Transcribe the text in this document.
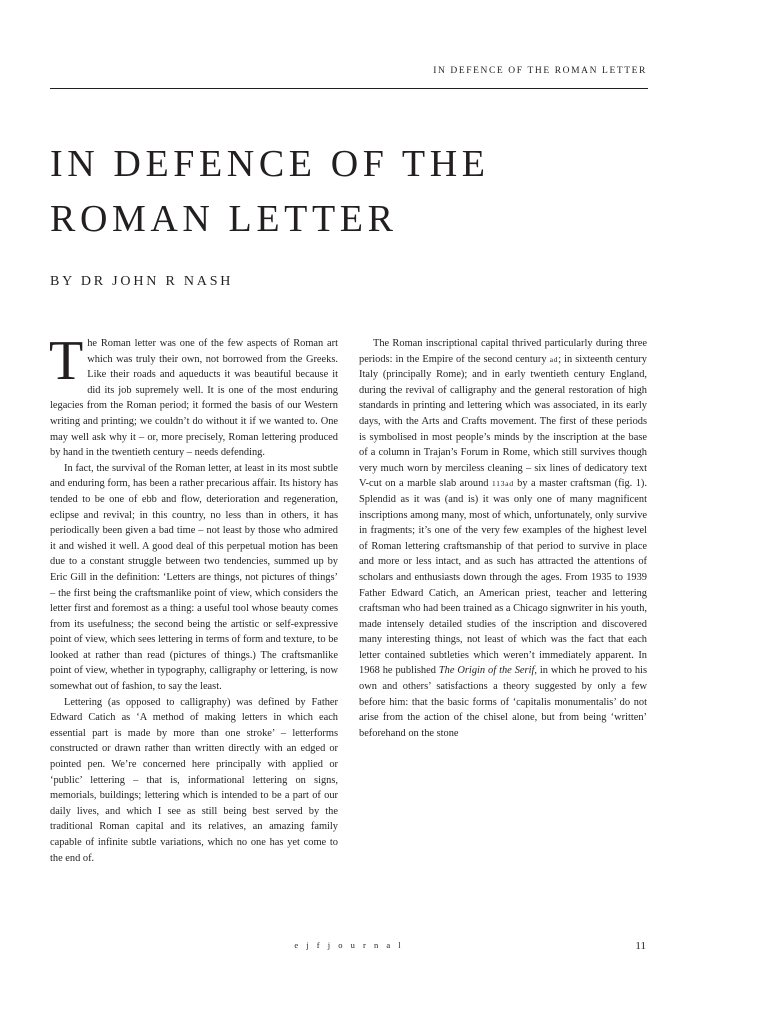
IN DEFENCE OF THE ROMAN LETTER
IN DEFENCE OF THE ROMAN LETTER
BY DR JOHN R NASH

The Roman letter was one of the few aspects of Roman art which was truly their own, not borrowed from the Greeks. Like their roads and aqueducts it was beautiful because it did its job supremely well. It is one of the most enduring legacies from the Roman period; it formed the basis of our Western writing and printing; we couldn’t do without it if we wanted to. One may well ask why it – or, more precisely, Roman lettering produced by hand in the twentieth century – needs defending.

In fact, the survival of the Roman letter, at least in its most subtle and enduring form, has been a rather precarious affair. Its history has tended to be one of ebb and flow, deterioration and regeneration, eclipse and revival; in this country, no less than in others, it has periodically been given a bad time – not least by those who admired it and wished it well. A good deal of this perpetual motion has been due to a constant struggle between two tendencies, summed up by Eric Gill in the definition: ‘Letters are things, not pictures of things’ – the first being the craftsmanlike point of view, which considers the letter first and foremost as a thing: a useful tool whose beauty comes from its usefulness; the second being the artistic or self-expressive point of view, which sees lettering in terms of form and texture, to be looked at rather than read (pictures of things.) The craftsmanlike point of view, whether in typography, calligraphy or lettering, is now somewhat out of fashion, to say the least.

Lettering (as opposed to calligraphy) was defined by Father Edward Catich as ‘A method of making letters in which each essential part is made by more than one stroke’ – letterforms constructed or drawn rather than written directly with an edged or pointed pen. We’re concerned here principally with applied or ‘public’ lettering – that is, informational lettering on signs, memorials, buildings; lettering which is intended to be a part of our daily lives, and which I see as still being best served by the traditional Roman capital and its relatives, an amazing family capable of infinite subtle variations, which no one has yet come to the end of.

The Roman inscriptional capital thrived particularly during three periods: in the Empire of the second century ad; in sixteenth century Italy (principally Rome); and in early twentieth century England, during the revival of calligraphy and the general restoration of high standards in printing and lettering which was associated, in its early days, with the Arts and Crafts movement. The first of these periods is symbolised in most people’s minds by the inscription at the base of a column in Trajan’s Forum in Rome, which still survives though very much worn by merciless cleaning – six lines of dedicatory text V-cut on a marble slab around 113ad by a master craftsman (fig. 1). Splendid as it was (and is) it was only one of many magnificent inscriptions among many, most of which, unfortunately, only survive in fragments; it’s one of the very few examples of the highest level of Roman lettering craftsmanship of that period to survive in place and more or less intact, and as such has attracted the attentions of scholars and enthusiasts down through the ages. From 1935 to 1939 Father Edward Catich, an American priest, teacher and lettering craftsman who had been trained as a Chicago signwriter in his youth, made intensely detailed studies of the inscription and discovered many interesting things, not least of which was the fact that each letter contained subtleties which weren’t immediately apparent. In 1968 he published The Origin of the Serif, in which he proved to his own and others’ satisfactions a theory suggested by only a few before him: that the basic forms of ‘capitalis monumentalis’ do not arise from the action of the chisel alone, but from being ‘written’ beforehand on the stone

e j f j o u r n a l	11
